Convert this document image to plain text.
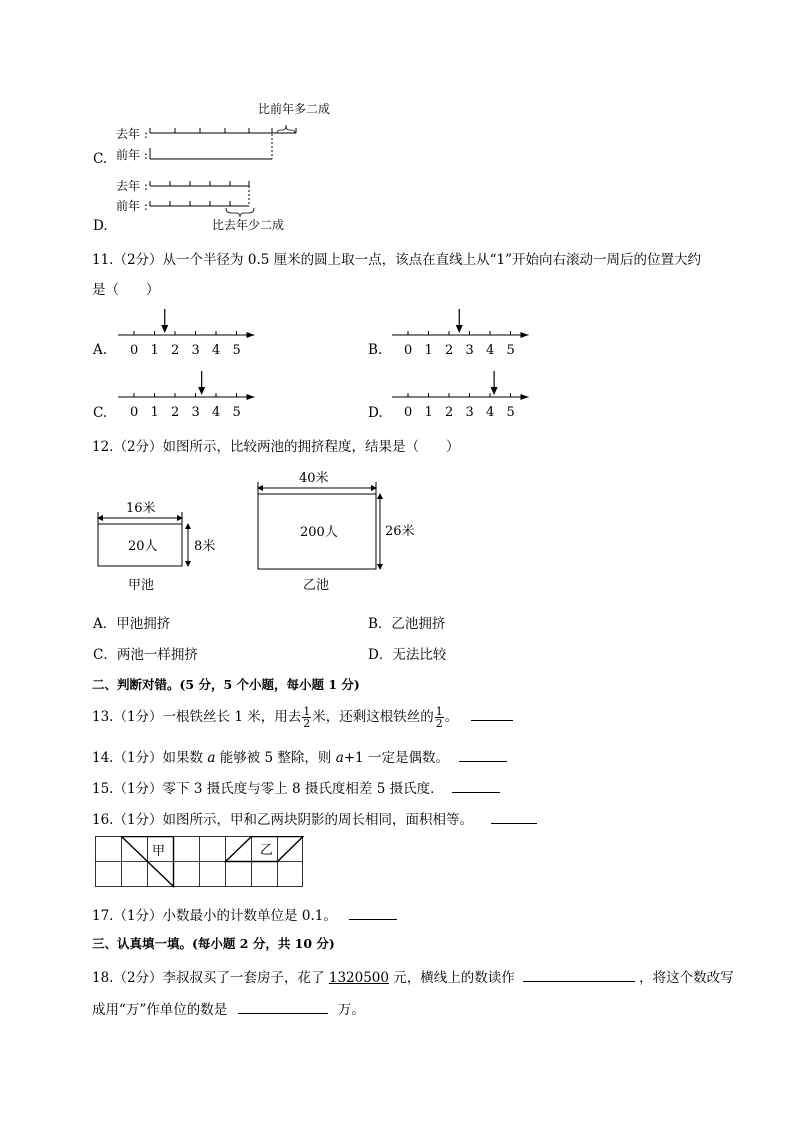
C.
比前年多二成
去年 :
前年 :
去年 :
前年 :
比去年少二成
D.
11.（2分）从一个半径为 0.5 厘米的圆上取一点，该点在直线上从“1”开始向右滚动一周后的位置大约
是（　　）
A.	B.
C.	D.
0 1 2 3 4 5	0 1 2 3 4 5
0 1 2 3 4 5	0 1 2 3 4 5
12.（2分）如图所示，比较两池的拥挤程度，结果是（　　）
16米
20人	8米
甲池
40米
200人	26米
乙池
A．甲池拥挤	B．乙池拥挤
C．两池一样拥挤	D．无法比较
二、判断对错。(5 分，5 个小题，每小题 1 分)
13.（1分）一根铁丝长 1 米，用去 $\frac{1}{2}$ 米，还剩这根铁丝的 $\frac{1}{2}$ 。
14.（1分）如果数 a 能够被 5 整除，则 a+1 一定是偶数。
15.（1分）零下 3 摄氏度与零上 8 摄氏度相差 5 摄氏度．
16.（1分）如图所示，甲和乙两块阴影的周长相同，面积相等。
甲	乙
17.（1分）小数最小的计数单位是 0.1。
三、认真填一填。(每小题 2 分，共 10 分)
18.（2分）李叔叔买了一套房子，花了 1320500 元，横线上的数读作	，将这个数改写
成用“万”作单位的数是	万。
